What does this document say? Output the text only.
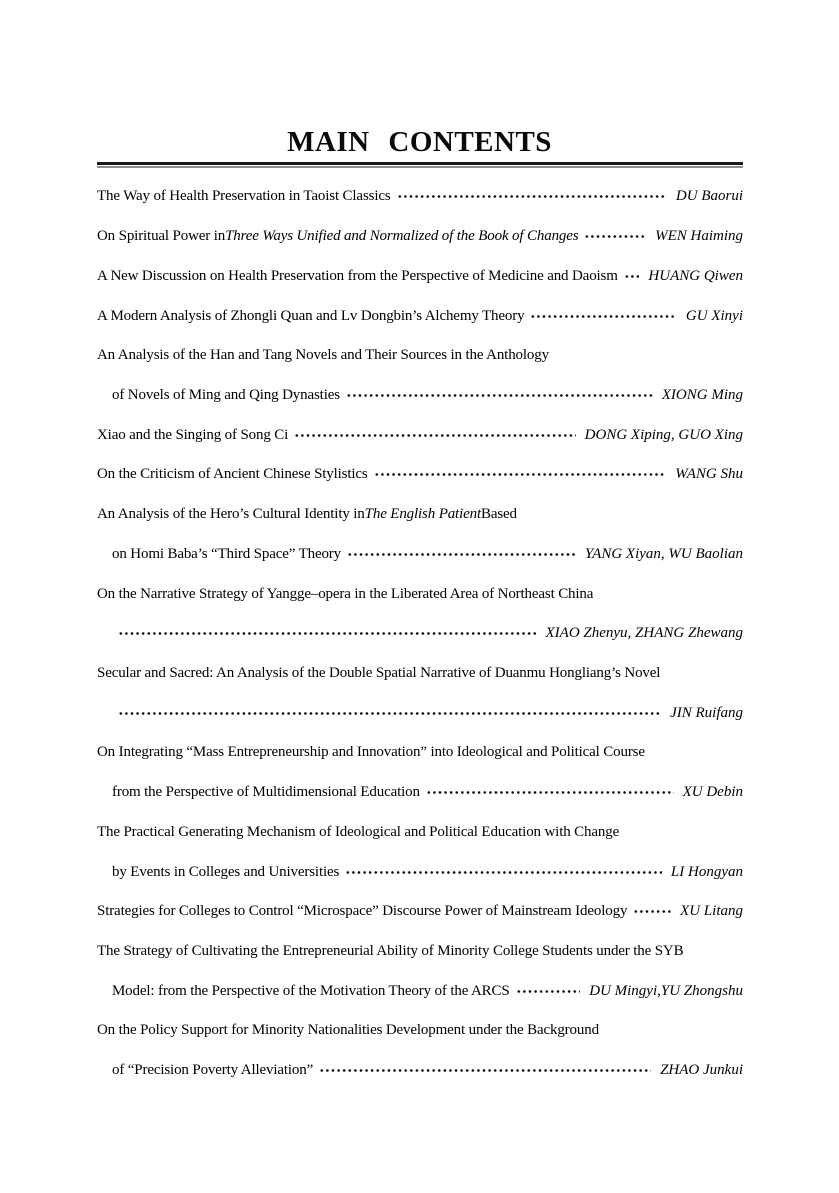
MAIN CONTENTS
The Way of Health Preservation in Taoist Classics	DU Baorui
On Spiritual Power in Three Ways Unified and Normalized of the Book of Changes	WEN Haiming
A New Discussion on Health Preservation from the Perspective of Medicine and Daoism HUANG Qiwen
A Modern Analysis of Zhongli Quan and Lv Dongbin’s Alchemy Theory	GU Xinyi
An Analysis of the Han and Tang Novels and Their Sources in the Anthology
of Novels of Ming and Qing Dynasties	XIONG Ming
Xiao and the Singing of Song Ci	DONG Xiping, GUO Xing
On the Criticism of Ancient Chinese Stylistics	WANG Shu
An Analysis of the Hero’s Cultural Identity in The English Patient Based
on Homi Baba’s “Third Space” Theory	YANG Xiyan, WU Baolian
On the Narrative Strategy of Yangge–opera in the Liberated Area of Northeast China
XIAO Zhenyu, ZHANG Zhewang
Secular and Sacred: An Analysis of the Double Spatial Narrative of Duanmu Hongliang’s Novel
JIN Ruifang
On Integrating “Mass Entrepreneurship and Innovation” into Ideological and Political Course
from the Perspective of Multidimensional Education	XU Debin
The Practical Generating Mechanism of Ideological and Political Education with Change
by Events in Colleges and Universities	LI Hongyan
Strategies for Colleges to Control “Microspace” Discourse Power of Mainstream Ideology	XU Litang
The Strategy of Cultivating the Entrepreneurial Ability of Minority College Students under the SYB
Model: from the Perspective of the Motivation Theory of the ARCS	DU Mingyi,YU Zhongshu
On the Policy Support for Minority Nationalities Development under the Background
of “Precision Poverty Alleviation”	ZHAO Junkui
